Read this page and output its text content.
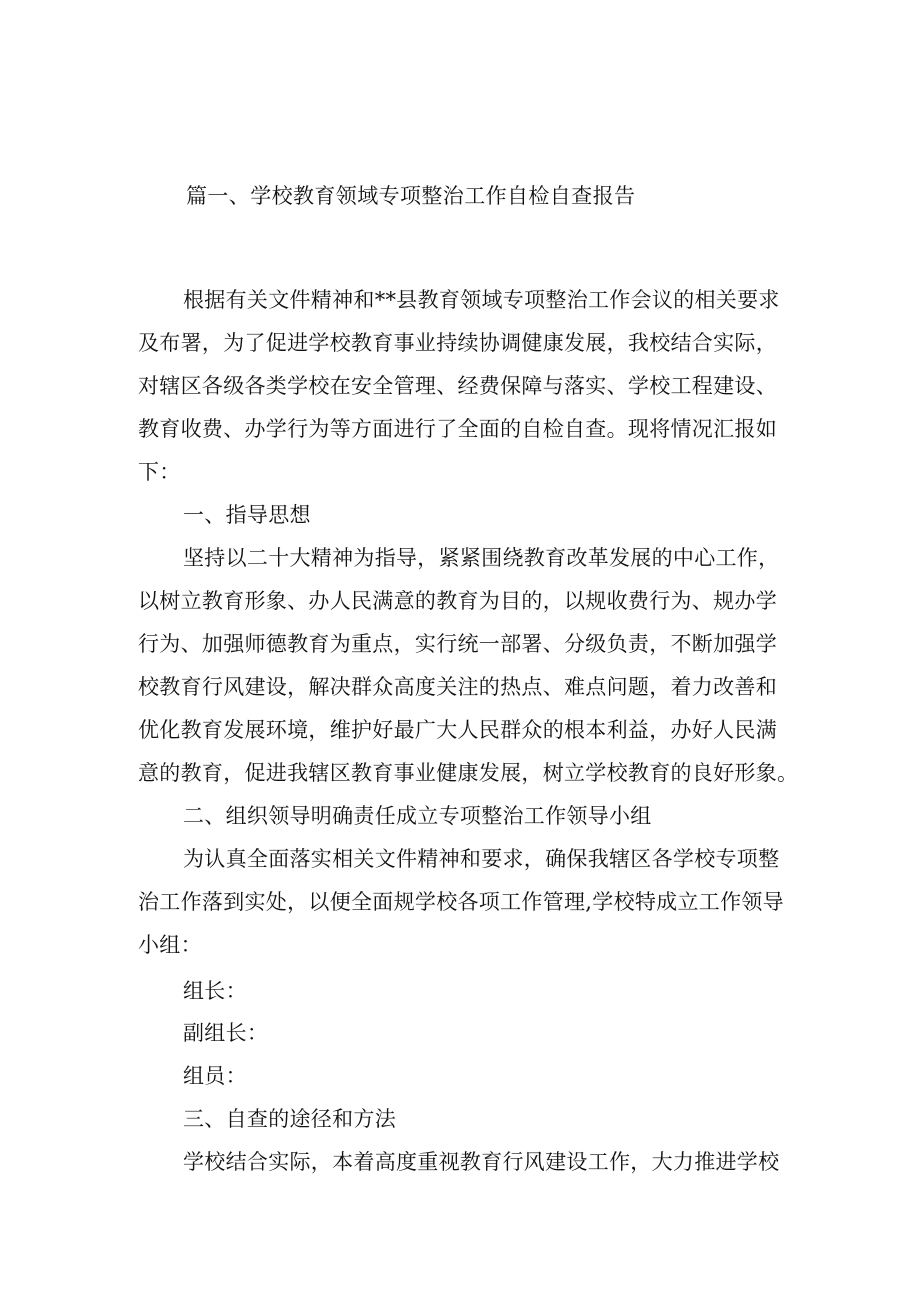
篇一、学校教育领域专项整治工作自检自查报告
根据有关文件精神和**县教育领域专项整治工作会议的相关要求
及布署，为了促进学校教育事业持续协调健康发展，我校结合实际，
对辖区各级各类学校在安全管理、经费保障与落实、学校工程建设、
教育收费、办学行为等方面进行了全面的自检自查。现将情况汇报如
下：
一、指导思想
坚持以二十大精神为指导，紧紧围绕教育改革发展的中心工作，
以树立教育形象、办人民满意的教育为目的，以规收费行为、规办学
行为、加强师德教育为重点，实行统一部署、分级负责，不断加强学
校教育行风建设，解决群众高度关注的热点、难点问题，着力改善和
优化教育发展环境，维护好最广大人民群众的根本利益，办好人民满
意的教育，促进我辖区教育事业健康发展，树立学校教育的良好形象。
二、组织领导明确责任成立专项整治工作领导小组
为认真全面落实相关文件精神和要求，确保我辖区各学校专项整
治工作落到实处，以便全面规学校各项工作管理,学校特成立工作领导
小组：
组长：
副组长：
组员：
三、自查的途径和方法
学校结合实际，本着高度重视教育行风建设工作，大力推进学校
